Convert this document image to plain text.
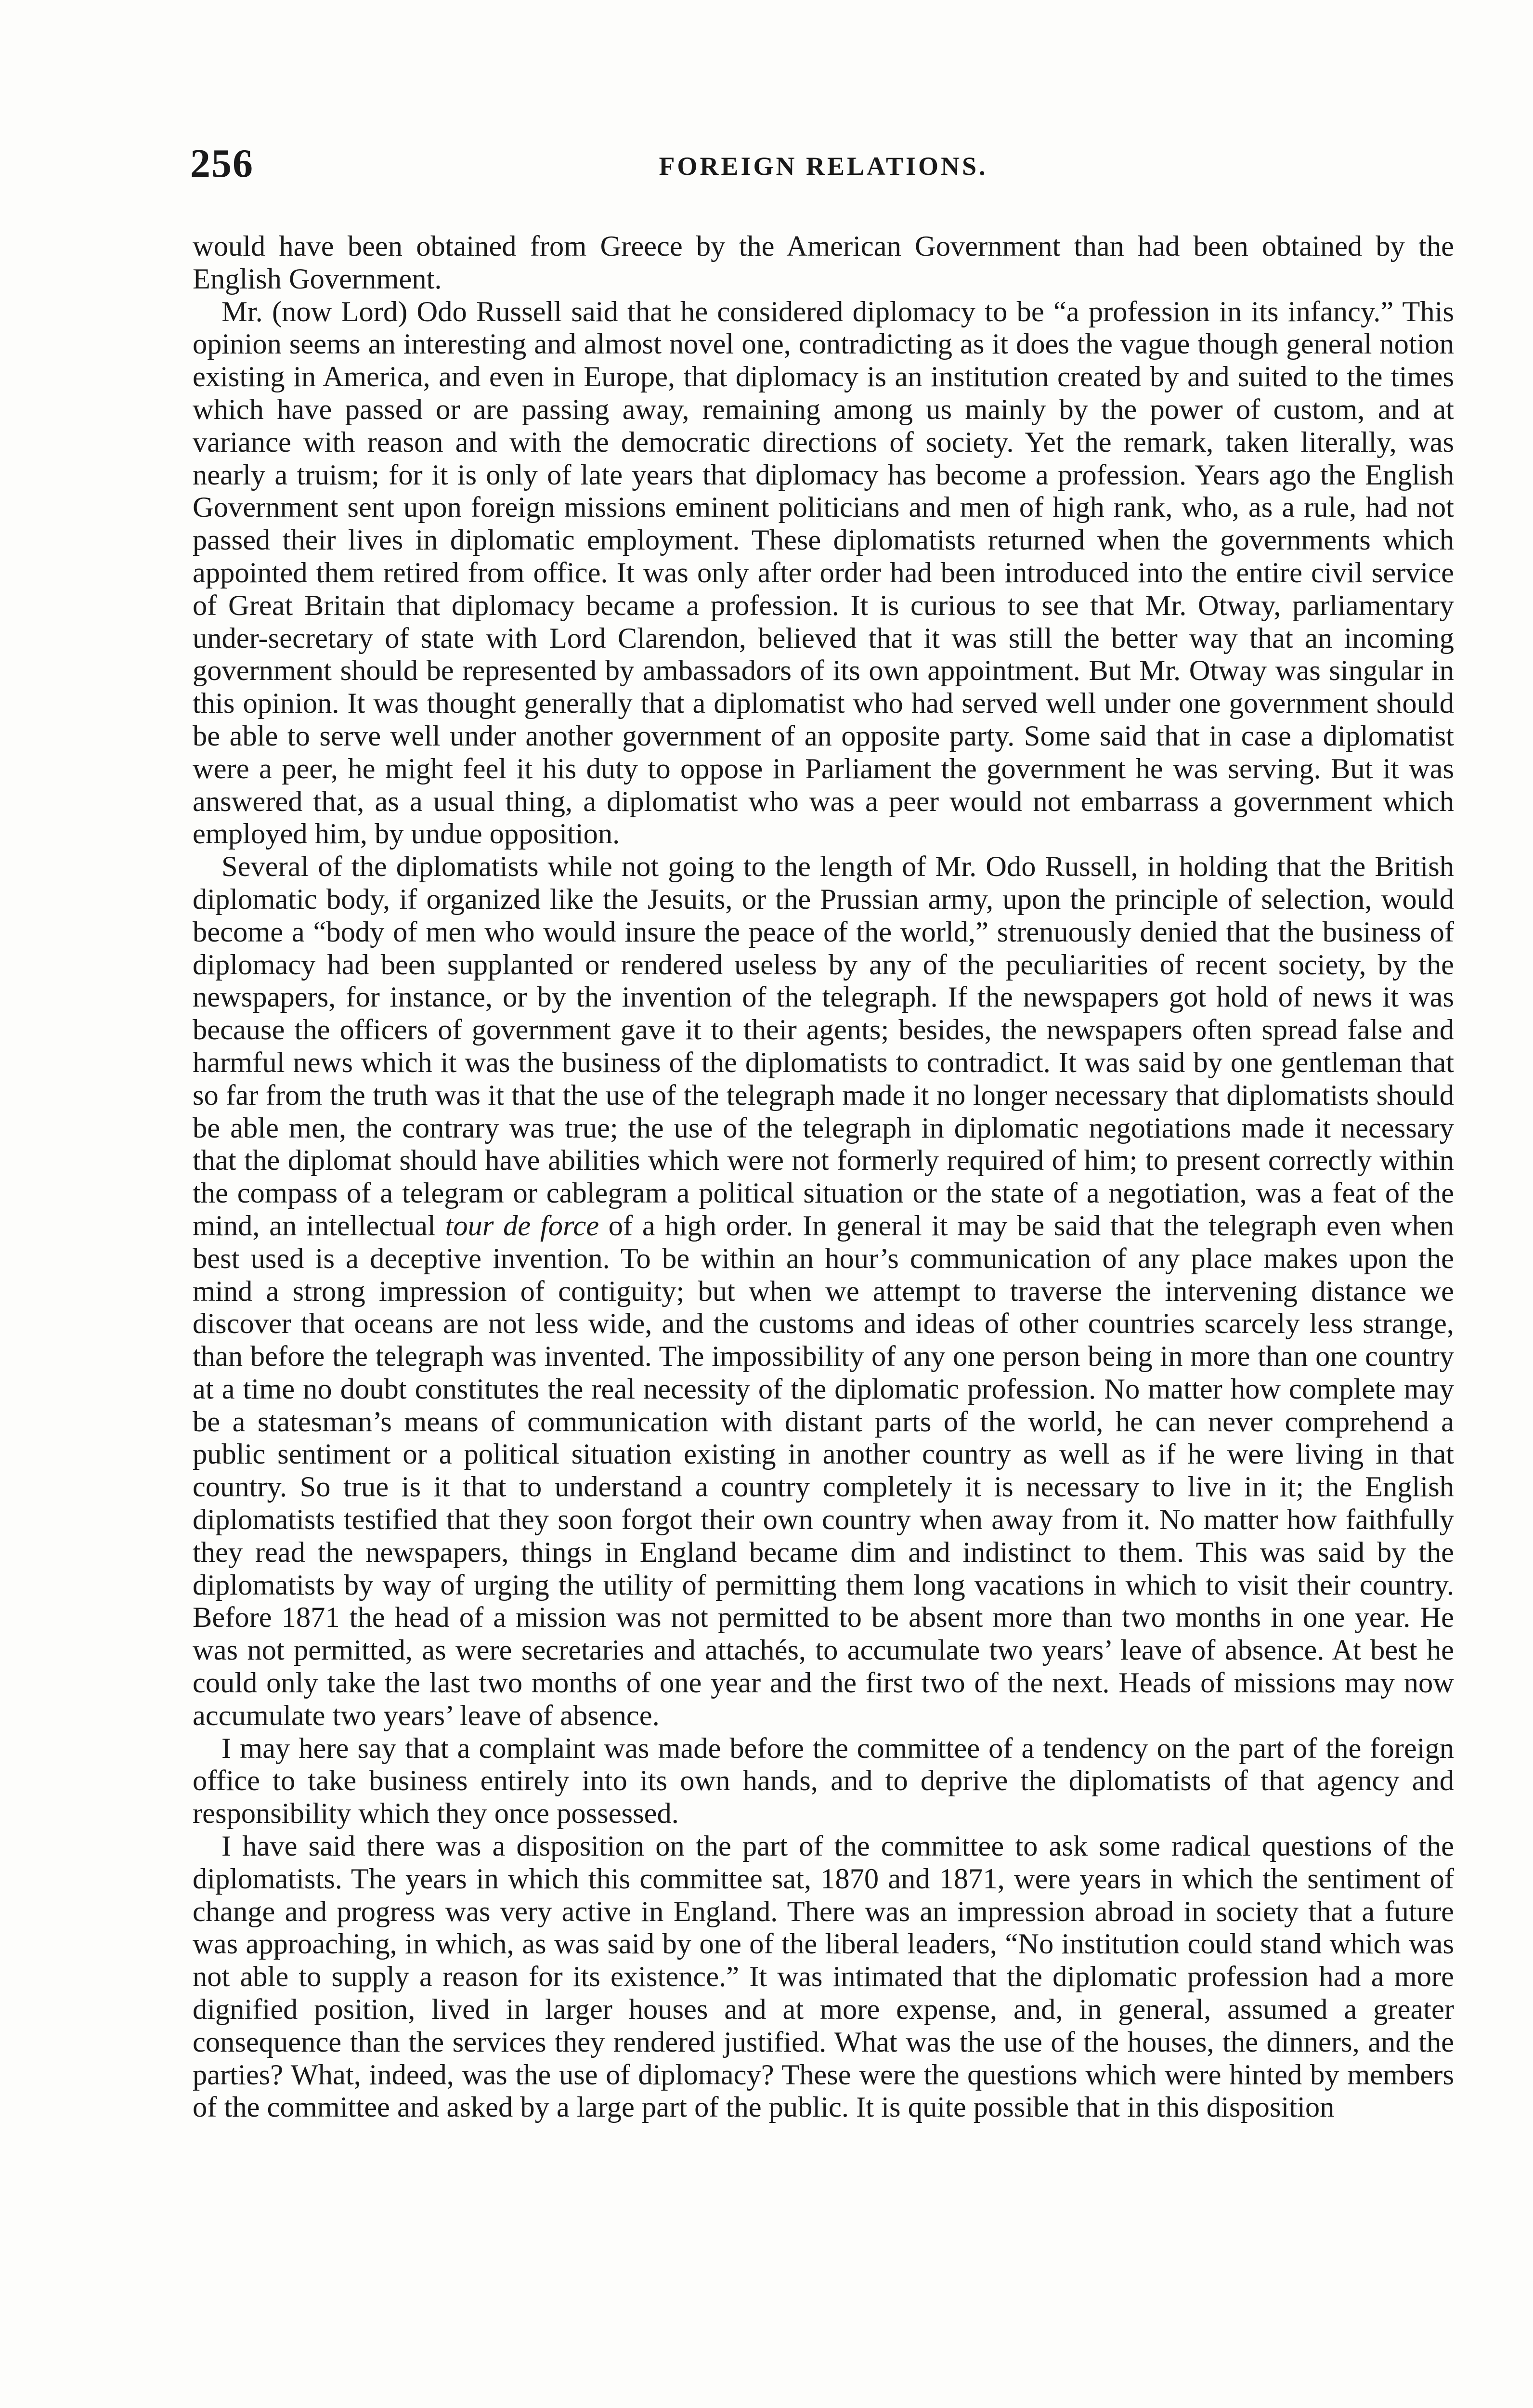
256	FOREIGN RELATIONS.

would have been obtained from Greece by the American Government than had been obtained by the English Government.

Mr. (now Lord) Odo Russell said that he considered diplomacy to be “a profession in its infancy.” This opinion seems an interesting and almost novel one, contradicting as it does the vague though general notion existing in America, and even in Europe, that diplomacy is an institution created by and suited to the times which have passed or are passing away, remaining among us mainly by the power of custom, and at variance with reason and with the democratic directions of society. Yet the remark, taken literally, was nearly a truism; for it is only of late years that diplomacy has become a profession. Years ago the English Government sent upon foreign missions eminent politicians and men of high rank, who, as a rule, had not passed their lives in diplomatic employment. These diplomatists returned when the governments which appointed them retired from office. It was only after order had been introduced into the entire civil service of Great Britain that diplomacy became a profession. It is curious to see that Mr. Otway, parliamentary under-secretary of state with Lord Clarendon, believed that it was still the better way that an incoming government should be represented by ambassadors of its own appointment. But Mr. Otway was singular in this opinion. It was thought generally that a diplomatist who had served well under one government should be able to serve well under another government of an opposite party. Some said that in case a diplomatist were a peer, he might feel it his duty to oppose in Parliament the government he was serving. But it was answered that, as a usual thing, a diplomatist who was a peer would not embarrass a government which employed him, by undue opposition.

Several of the diplomatists while not going to the length of Mr. Odo Russell, in holding that the British diplomatic body, if organized like the Jesuits, or the Prussian army, upon the principle of selection, would become a “body of men who would insure the peace of the world,” strenuously denied that the business of diplomacy had been supplanted or rendered useless by any of the peculiarities of recent society, by the newspapers, for instance, or by the invention of the telegraph. If the newspapers got hold of news it was because the officers of government gave it to their agents; besides, the newspapers often spread false and harmful news which it was the business of the diplomatists to contradict. It was said by one gentleman that so far from the truth was it that the use of the telegraph made it no longer necessary that diplomatists should be able men, the contrary was true; the use of the telegraph in diplomatic negotiations made it necessary that the diplomat should have abilities which were not formerly required of him; to present correctly within the compass of a telegram or cablegram a political situation or the state of a negotiation, was a feat of the mind, an intellectual tour de force of a high order. In general it may be said that the telegraph even when best used is a deceptive invention. To be within an hour’s communication of any place makes upon the mind a strong impression of contiguity; but when we attempt to traverse the intervening distance we discover that oceans are not less wide, and the customs and ideas of other countries scarcely less strange, than before the telegraph was invented. The impossibility of any one person being in more than one country at a time no doubt constitutes the real necessity of the diplomatic profession. No matter how complete may be a statesman’s means of communication with distant parts of the world, he can never comprehend a public sentiment or a political situation existing in another country as well as if he were living in that country. So true is it that to understand a country completely it is necessary to live in it; the English diplomatists testified that they soon forgot their own country when away from it. No matter how faithfully they read the newspapers, things in England became dim and indistinct to them. This was said by the diplomatists by way of urging the utility of permitting them long vacations in which to visit their country. Before 1871 the head of a mission was not permitted to be absent more than two months in one year. He was not permitted, as were secretaries and attachés, to accumulate two years’ leave of absence. At best he could only take the last two months of one year and the first two of the next. Heads of missions may now accumulate two years’ leave of absence.

I may here say that a complaint was made before the committee of a tendency on the part of the foreign office to take business entirely into its own hands, and to deprive the diplomatists of that agency and responsibility which they once possessed.

I have said there was a disposition on the part of the committee to ask some radical questions of the diplomatists. The years in which this committee sat, 1870 and 1871, were years in which the sentiment of change and progress was very active in England. There was an impression abroad in society that a future was approaching, in which, as was said by one of the liberal leaders, “No institution could stand which was not able to supply a reason for its existence.” It was intimated that the diplomatic profession had a more dignified position, lived in larger houses and at more expense, and, in general, assumed a greater consequence than the services they rendered justified. What was the use of the houses, the dinners, and the parties? What, indeed, was the use of diplomacy? These were the questions which were hinted by members of the committee and asked by a large part of the public. It is quite possible that in this disposition
